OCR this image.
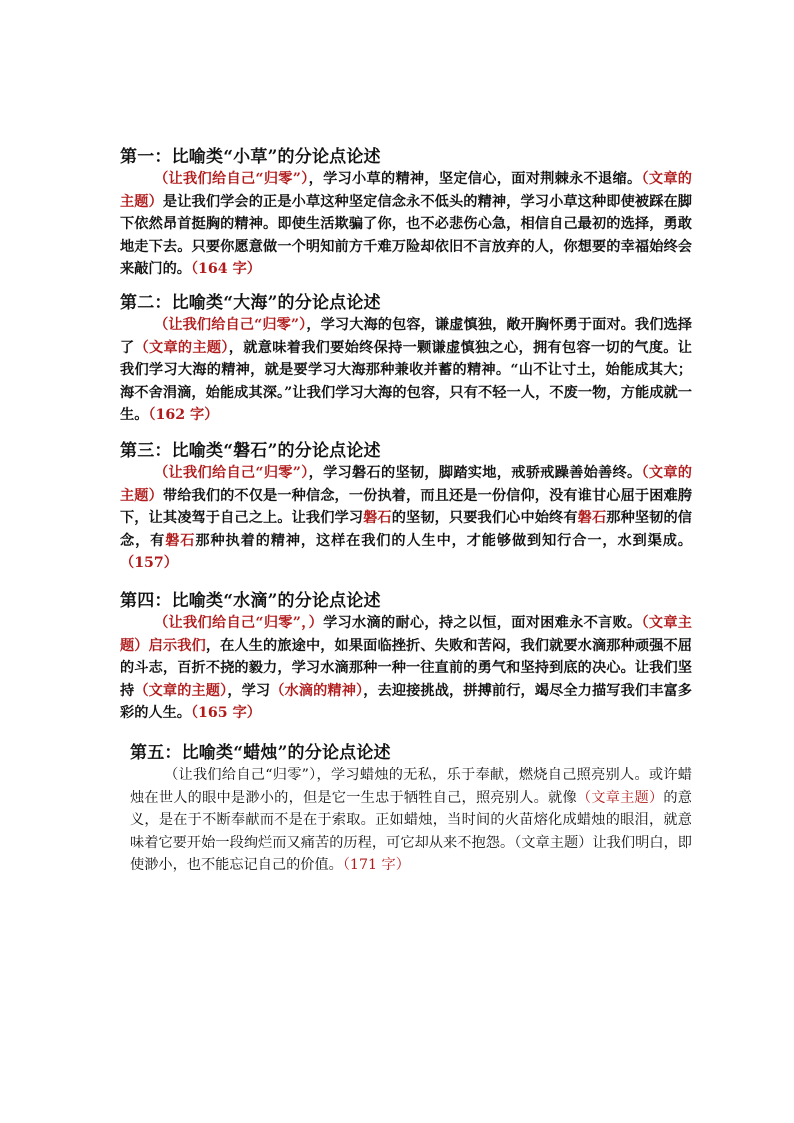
第一：比喻类“小草”的分论点论述

（让我们给自己“归零”），学习小草的精神，坚定信心，面对荆棘永不退缩。（文章的主题）是让我们学会的正是小草这种坚定信念永不低头的精神，学习小草这种即使被踩在脚下依然昂首挺胸的精神。即使生活欺骗了你，也不必悲伤心急，相信自己最初的选择，勇敢地走下去。只要你愿意做一个明知前方千难万险却依旧不言放弃的人，你想要的幸福始终会来敲门的。（164 字）

第二：比喻类“大海”的分论点论述

（让我们给自己“归零”），学习大海的包容，谦虚慎独，敞开胸怀勇于面对。我们选择了（文章的主题），就意味着我们要始终保持一颗谦虚慎独之心，拥有包容一切的气度。让我们学习大海的精神，就是要学习大海那种兼收并蓄的精神。“山不让寸土，始能成其大；海不舍涓滴，始能成其深。”让我们学习大海的包容，只有不轻一人，不废一物，方能成就一生。（162 字）

第三：比喻类“磐石”的分论点论述

（让我们给自己“归零”），学习磐石的坚韧，脚踏实地，戒骄戒躁善始善终。（文章的主题）带给我们的不仅是一种信念，一份执着，而且还是一份信仰，没有谁甘心屈于困难胯下，让其凌驾于自己之上。让我们学习磐石的坚韧，只要我们心中始终有磐石那种坚韧的信念，有磐石那种执着的精神，这样在我们的人生中，才能够做到知行合一，水到渠成。（157）

第四：比喻类“水滴”的分论点论述

（让我们给自己“归零”，）学习水滴的耐心，持之以恒，面对困难永不言败。（文章主题）启示我们，在人生的旅途中，如果面临挫折、失败和苦闷，我们就要水滴那种顽强不屈的斗志，百折不挠的毅力，学习水滴那种一种一往直前的勇气和坚持到底的决心。让我们坚持（文章的主题），学习（水滴的精神），去迎接挑战，拼搏前行，竭尽全力描写我们丰富多彩的人生。（165 字）

第五：比喻类“蜡烛”的分论点论述

（让我们给自己“归零”），学习蜡烛的无私，乐于奉献，燃烧自己照亮别人。或许蜡烛在世人的眼中是渺小的，但是它一生忠于牺牲自己，照亮别人。就像（文章主题）的意义，是在于不断奉献而不是在于索取。正如蜡烛，当时间的火苗熔化成蜡烛的眼泪，就意味着它要开始一段绚烂而又痛苦的历程，可它却从来不抱怨。（文章主题）让我们明白，即使渺小，也不能忘记自己的价值。（171 字）
